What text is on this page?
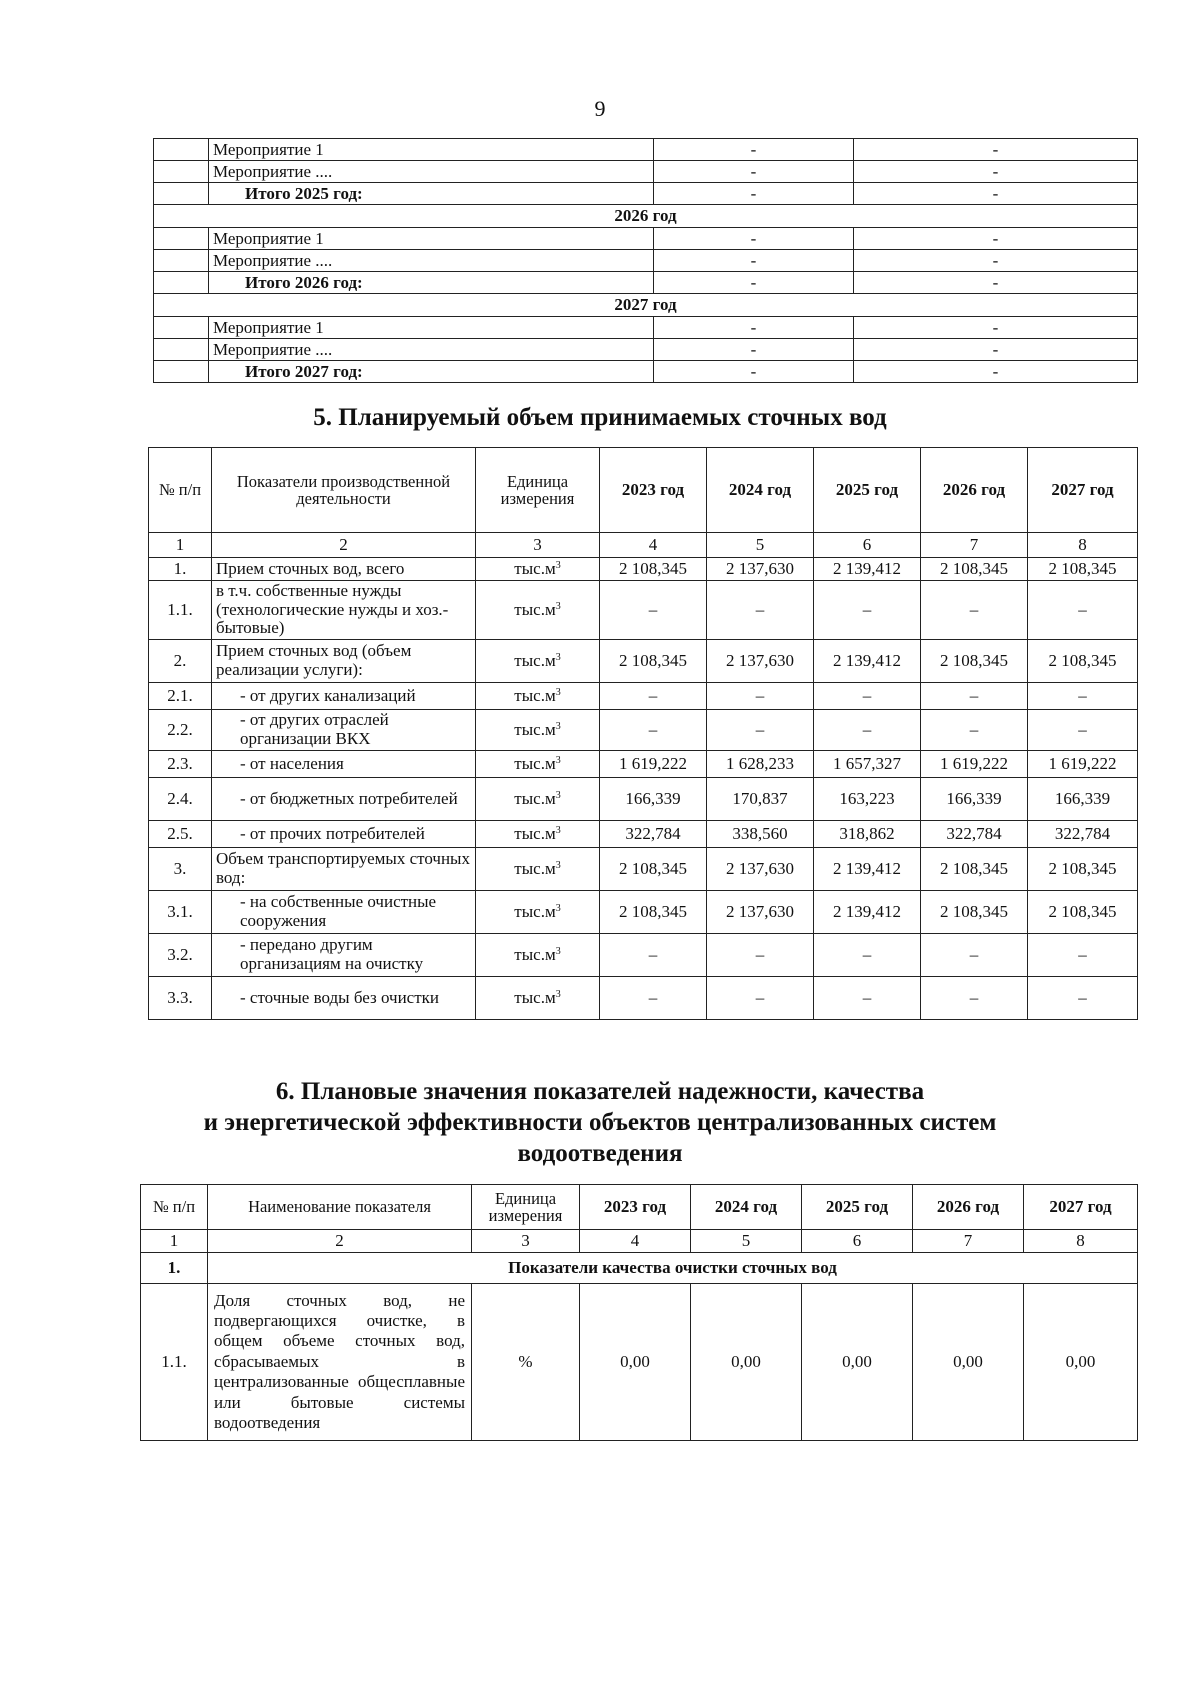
9
	Мероприятие 1	-	-
	Мероприятие ....	-	-
	Итого 2025 год:	-	-
2026 год			
	Мероприятие 1	-	-
	Мероприятие ....	-	-
	Итого 2026 год:	-	-
2027 год			
	Мероприятие 1	-	-
	Мероприятие ....	-	-
	Итого 2027 год:	-	-
5. Планируемый объем принимаемых сточных вод
№ п/п	Показатели производственной деятельности	Единица измерения	2023 год	2024 год	2025 год	2026 год	2027 год
1	2	3	4	5	6	7	8
1.	Прием сточных вод, всего	$тыс.м^3$	2 108,345	2 137,630	2 139,412	2 108,345	2 108,345
1.1.	в т.ч. собственные нужды (технологические нужды и хоз.-бытовые)	$тыс.м^3$	–	–	–	–	–
2.	Прием сточных вод (объем реализации услуги):	$тыс.м^3$	2 108,345	2 137,630	2 139,412	2 108,345	2 108,345
2.1.	- от других канализаций	$тыс.м^3$	–	–	–	–	–
2.2.	- от других отраслей организации ВКХ	$тыс.м^3$	–	–	–	–	–
2.3.	- от населения	$тыс.м^3$	1 619,222	1 628,233	1 657,327	1 619,222	1 619,222
2.4.	- от бюджетных потребителей	$тыс.м^3$	166,339	170,837	163,223	166,339	166,339
2.5.	- от прочих потребителей	$тыс.м^3$	322,784	338,560	318,862	322,784	322,784
3.	Объем транспортируемых сточных вод:	$тыс.м^3$	2 108,345	2 137,630	2 139,412	2 108,345	2 108,345
3.1.	- на собственные очистные сооружения	$тыс.м^3$	2 108,345	2 137,630	2 139,412	2 108,345	2 108,345
3.2.	- передано другим организациям на очистку	$тыс.м^3$	–	–	–	–	–
3.3.	- сточные воды без очистки	$тыс.м^3$	–	–	–	–	–
6. Плановые значения показателей надежности, качества
и энергетической эффективности объектов централизованных систем
водоотведения
№ п/п	Наименование показателя	Единица измерения	2023 год	2024 год	2025 год	2026 год	2027 год
1	2	3	4	5	6	7	8
1.	Показатели качества очистки сточных вод						
1.1.	Доля сточных вод, не подвергающихся очистке, в общем объеме сточных вод, сбрасываемых в централизованные общесплавные или бытовые системы водоотведения	%	0,00	0,00	0,00	0,00	0,00
